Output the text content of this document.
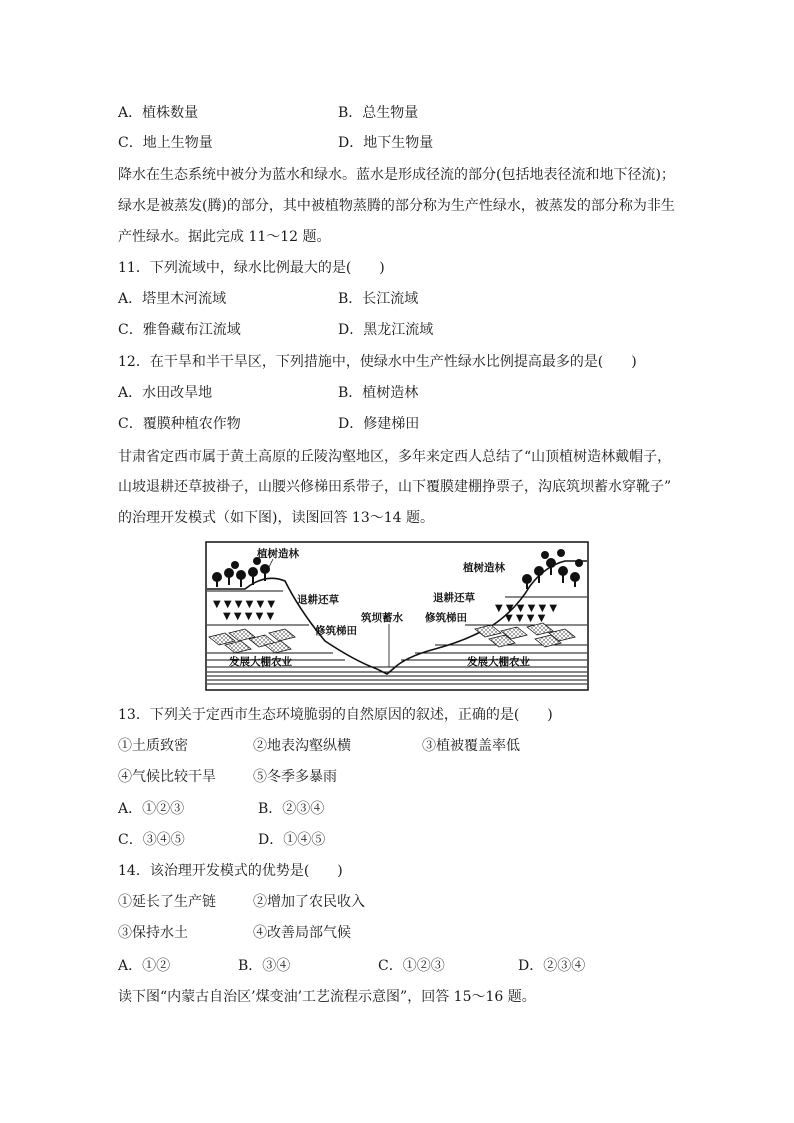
A．植株数量	B．总生物量
C．地上生物量	D．地下生物量
降水在生态系统中被分为蓝水和绿水。蓝水是形成径流的部分(包括地表径流和地下径流)；
绿水是被蒸发(腾)的部分，其中被植物蒸腾的部分称为生产性绿水，被蒸发的部分称为非生
产性绿水。据此完成 11～12 题。
11．下列流域中，绿水比例最大的是(　　)
A．塔里木河流域	B．长江流域
C．雅鲁藏布江流域	D．黑龙江流域
12．在干旱和半干旱区，下列措施中，使绿水中生产性绿水比例提高最多的是(　　)
A．水田改旱地	B．植树造林
C．覆膜种植农作物	D．修建梯田
甘肃省定西市属于黄土高原的丘陵沟壑地区，多年来定西人总结了“山顶植树造林戴帽子，
山坡退耕还草披褂子，山腰兴修梯田系带子，山下覆膜建棚挣票子，沟底筑坝蓄水穿靴子”
的治理开发模式（如下图)，读图回答 13～14 题。
▼ ▼ ▼ ▼ ▼ ▼
▼ ▼ ▼ ▼ ▼
▼ ▼ ▼ ▼ ▼ ▼
▼ ▼ ▼ ▼
植树造林
退耕还草
修筑梯田
发展大棚农业
筑坝蓄水
植树造林
退耕还草
修筑梯田
发展大棚农业
13．下列关于定西市生态环境脆弱的自然原因的叙述，正确的是(　　)
①土质致密	②地表沟壑纵横	③植被覆盖率低
④气候比较干旱	⑤冬季多暴雨
A．①②③	B．②③④
C．③④⑤	D．①④⑤
14．该治理开发模式的优势是(　　)
①延长了生产链	②增加了农民收入
③保持水土	④改善局部气候
A．①②	B．③④	C．①②③	D．②③④
读下图“内蒙古自治区’煤变油’工艺流程示意图”，回答 15～16 题。
